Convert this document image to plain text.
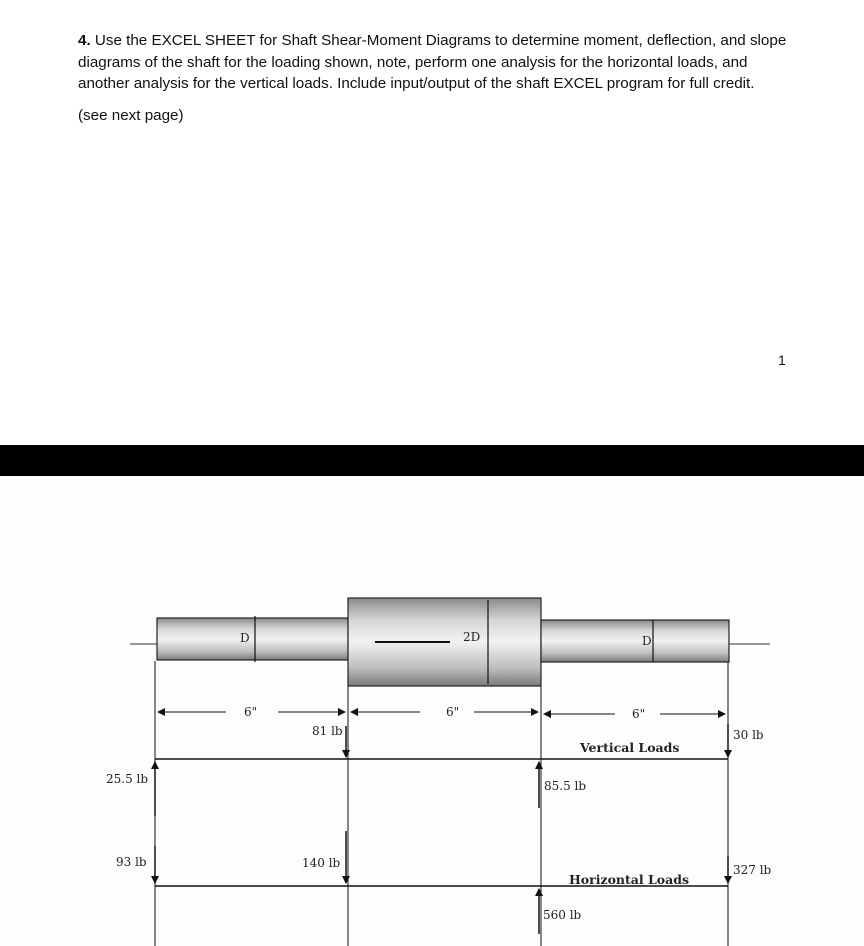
4. Use the EXCEL SHEET for Shaft Shear-Moment Diagrams to determine moment, deflection, and slope diagrams of the shaft for the loading shown, note, perform one analysis for the horizontal loads, and another analysis for the vertical loads. Include input/output of the shaft EXCEL program for full credit.

(see next page)

1
D	2D	D
6"	6"	6"
Vertical Loads
25.5 lb
81 lb
85.5 lb
30 lb
Horizontal Loads
93 lb	140 lb
560 lb
327 lb
